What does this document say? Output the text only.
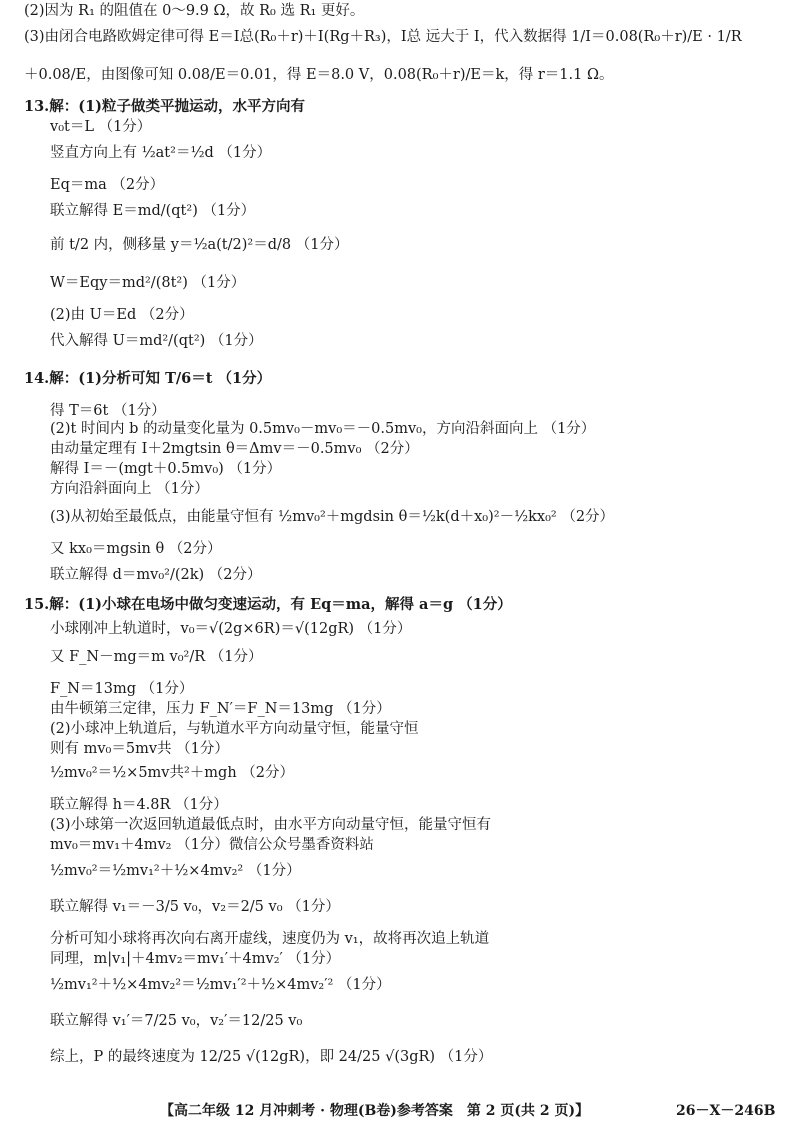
(2)因为 R₁ 的阻值在 0～9.9 Ω，故 R₀ 选 R₁ 更好。
(3)由闭合电路欧姆定律可得 E＝I总(R₀＋r)＋I(Rg＋R₃)，I总 远大于 I，代入数据得 1/I＝0.08(R₀＋r)/E · 1/R
＋0.08/E，由图像可知 0.08/E＝0.01，得 E＝8.0 V，0.08(R₀＋r)/E＝k，得 r＝1.1 Ω。
13.解：(1)粒子做类平抛运动，水平方向有
v₀t＝L （1分）
竖直方向上有 ½at²＝½d （1分）
Eq＝ma （2分）
联立解得 E＝md/(qt²) （1分）
前 t/2 内，侧移量 y＝½a(t/2)²＝d/8 （1分）
W＝Eqy＝md²/(8t²) （1分）
(2)由 U＝Ed （2分）
代入解得 U＝md²/(qt²) （1分）
14.解：(1)分析可知 T/6＝t （1分）
得 T＝6t （1分）
(2)t 时间内 b 的动量变化量为 0.5mv₀－mv₀＝－0.5mv₀，方向沿斜面向上 （1分）
由动量定理有 I＋2mgtsin θ＝Δmv＝－0.5mv₀ （2分）
解得 I＝－(mgt＋0.5mv₀) （1分）
方向沿斜面向上 （1分）
(3)从初始至最低点，由能量守恒有 ½mv₀²＋mgdsin θ＝½k(d＋x₀)²－½kx₀² （2分）
又 kx₀＝mgsin θ （2分）
联立解得 d＝mv₀²/(2k) （2分）
15.解：(1)小球在电场中做匀变速运动，有 Eq＝ma，解得 a＝g （1分）
小球刚冲上轨道时，v₀＝√(2g×6R)＝√(12gR) （1分）
又 F_N－mg＝m v₀²/R （1分）
F_N＝13mg （1分）
由牛顿第三定律，压力 F_N′＝F_N＝13mg （1分）
(2)小球冲上轨道后，与轨道水平方向动量守恒，能量守恒
则有 mv₀＝5mv共 （1分）
½mv₀²＝½×5mv共²＋mgh （2分）
联立解得 h＝4.8R （1分）
(3)小球第一次返回轨道最低点时，由水平方向动量守恒，能量守恒有
mv₀＝mv₁＋4mv₂ （1分）微信公众号墨香资料站
½mv₀²＝½mv₁²＋½×4mv₂² （1分）
联立解得 v₁＝－3/5 v₀，v₂＝2/5 v₀ （1分）
分析可知小球将再次向右离开虚线，速度仍为 v₁，故将再次追上轨道
同理，m|v₁|＋4mv₂＝mv₁′＋4mv₂′ （1分）
½mv₁²＋½×4mv₂²＝½mv₁′²＋½×4mv₂′² （1分）
联立解得 v₁′＝7/25 v₀，v₂′＝12/25 v₀
综上，P 的最终速度为 12/25 √(12gR)，即 24/25 √(3gR) （1分）
【高二年级 12 月冲刺考 · 物理(B卷)参考答案　第 2 页(共 2 页)】	26－X－246B
